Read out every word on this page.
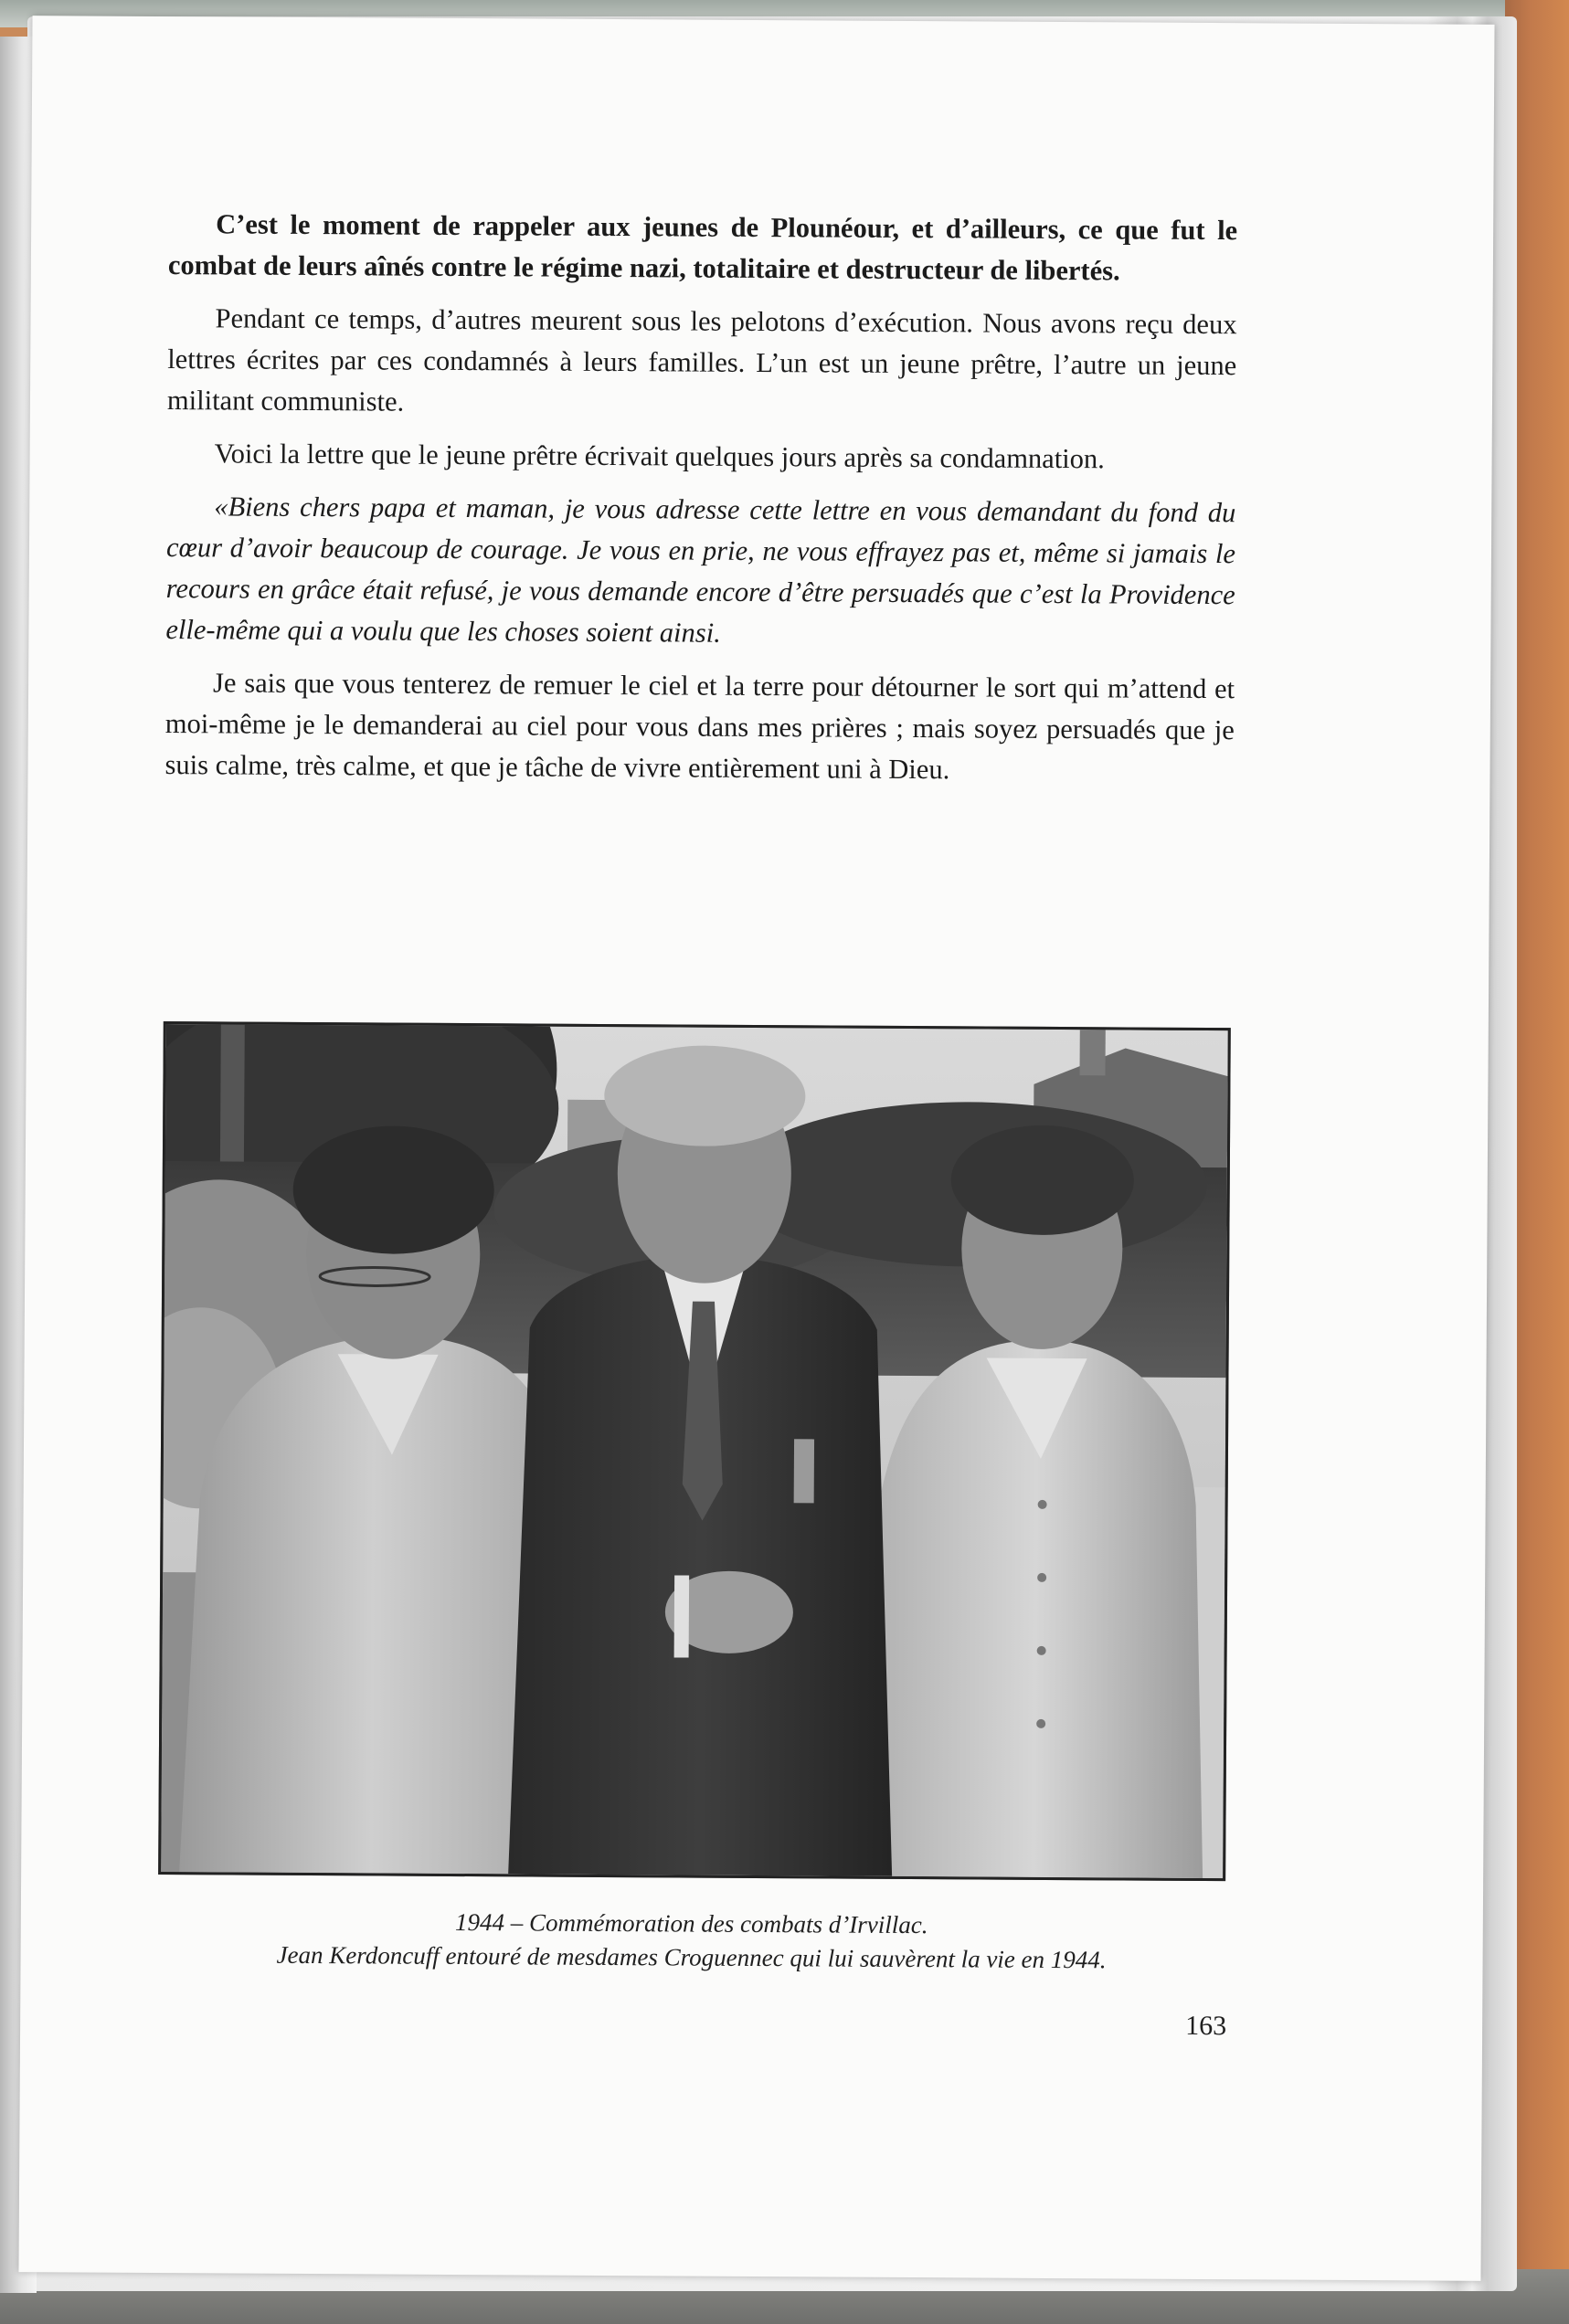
C’est le moment de rappeler aux jeunes de Plounéour, et d’ailleurs, ce que fut le combat de leurs aînés contre le régime nazi, totalitaire et destructeur de libertés.

Pendant ce temps, d’autres meurent sous les pelotons d’exécution. Nous avons reçu deux lettres écrites par ces condamnés à leurs familles. L’un est un jeune prêtre, l’autre un jeune militant communiste.

Voici la lettre que le jeune prêtre écrivait quelques jours après sa condamnation.

«Biens chers papa et maman, je vous adresse cette lettre en vous demandant du fond du cœur d’avoir beaucoup de courage. Je vous en prie, ne vous effrayez pas et, même si jamais le recours en grâce était refusé, je vous demande encore d’être persuadés que c’est la Providence elle-même qui a voulu que les choses soient ainsi.

Je sais que vous tenterez de remuer le ciel et la terre pour détourner le sort qui m’attend et moi-même je le demanderai au ciel pour vous dans mes prières ; mais soyez persuadés que je suis calme, très calme, et que je tâche de vivre entièrement uni à Dieu.

1944 – Commémoration des combats d’Irvillac.
Jean Kerdoncuff entouré de mesdames Croguennec qui lui sauvèrent la vie en 1944.
163
